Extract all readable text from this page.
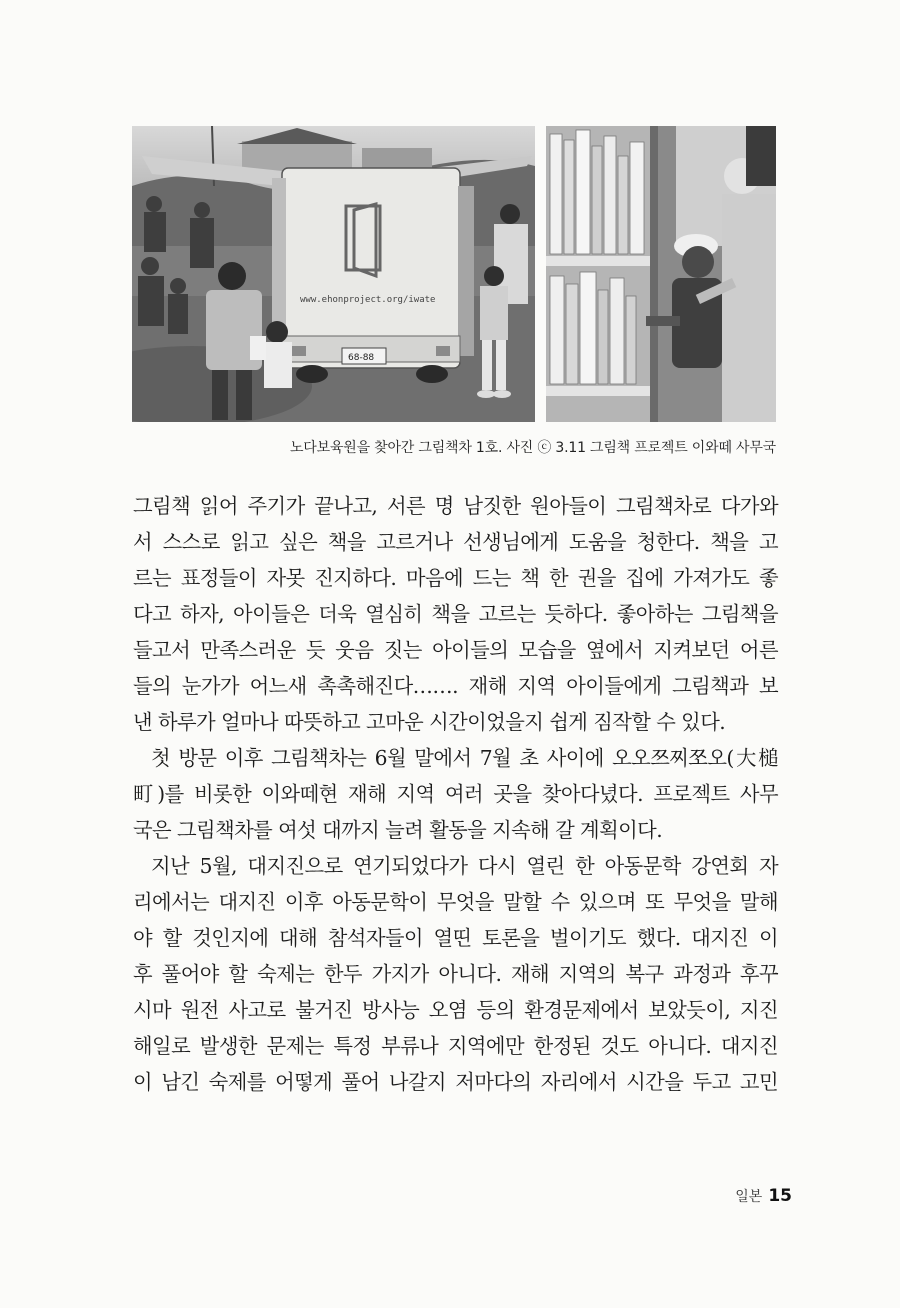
www.ehonproject.org/iwate
68-88
노다보육원을 찾아간 그림책차 1호. 사진 ⓒ 3.11 그림책 프로젝트 이와떼 사무국
그림책 읽어 주기가 끝나고, 서른 명 남짓한 원아들이 그림책차로 다가와
서 스스로 읽고 싶은 책을 고르거나 선생님에게 도움을 청한다. 책을 고
르는 표정들이 자못 진지하다. 마음에 드는 책 한 권을 집에 가져가도 좋
다고 하자, 아이들은 더욱 열심히 책을 고르는 듯하다. 좋아하는 그림책을
들고서 만족스러운 듯 웃음 짓는 아이들의 모습을 옆에서 지켜보던 어른
들의 눈가가 어느새 촉촉해진다……. 재해 지역 아이들에게 그림책과 보
낸 하루가 얼마나 따뜻하고 고마운 시간이었을지 쉽게 짐작할 수 있다.
첫 방문 이후 그림책차는 6월 말에서 7월 초 사이에 오오쯔찌쪼오(大槌
町)를 비롯한 이와떼현 재해 지역 여러 곳을 찾아다녔다. 프로젝트 사무
국은 그림책차를 여섯 대까지 늘려 활동을 지속해 갈 계획이다.
지난 5월, 대지진으로 연기되었다가 다시 열린 한 아동문학 강연회 자
리에서는 대지진 이후 아동문학이 무엇을 말할 수 있으며 또 무엇을 말해
야 할 것인지에 대해 참석자들이 열띤 토론을 벌이기도 했다. 대지진 이
후 풀어야 할 숙제는 한두 가지가 아니다. 재해 지역의 복구 과정과 후꾸
시마 원전 사고로 불거진 방사능 오염 등의 환경문제에서 보았듯이, 지진
해일로 발생한 문제는 특정 부류나 지역에만 한정된 것도 아니다. 대지진
이 남긴 숙제를 어떻게 풀어 나갈지 저마다의 자리에서 시간을 두고 고민
일본 15
